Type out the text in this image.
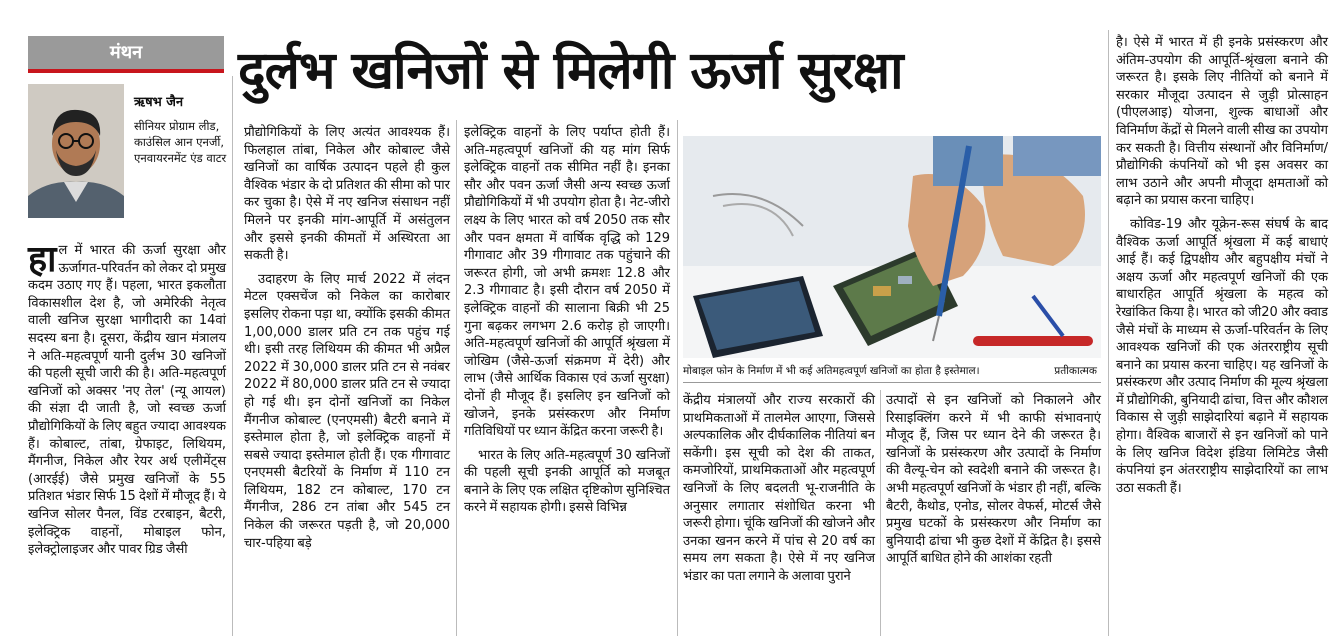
मंथन	दुर्लभ खनिजों से मिलेगी ऊर्जा सुरक्षा
ऋषभ जैन
सीनियर प्रोग्राम लीड, काउंसिल आन एनर्जी, एनवायरनमेंट एंड वाटर

हाल में भारत की ऊर्जा सुरक्षा और ऊर्जागत-परिवर्तन को लेकर दो प्रमुख कदम उठाए गए हैं। पहला, भारत इकलौता विकासशील देश है, जो अमेरिकी नेतृत्व वाली खनिज सुरक्षा भागीदारी का 14वां सदस्य बना है। दूसरा, केंद्रीय खान मंत्रालय ने अति-महत्वपूर्ण यानी दुर्लभ 30 खनिजों की पहली सूची जारी की है। अति-महत्वपूर्ण खनिजों को अक्सर 'नए तेल' (न्यू आयल) की संज्ञा दी जाती है, जो स्वच्छ ऊर्जा प्रौद्योगिकियों के लिए बहुत ज्यादा आवश्यक हैं। कोबाल्ट, तांबा, ग्रेफाइट, लिथियम, मैंगनीज, निकेल और रेयर अर्थ एलीमेंट्स (आरईई) जैसे प्रमुख खनिजों के 55 प्रतिशत भंडार सिर्फ 15 देशों में मौजूद हैं। ये खनिज सोलर पैनल, विंड टरबाइन, बैटरी, इलेक्ट्रिक वाहनों, मोबाइल फोन, इलेक्ट्रोलाइजर और पावर ग्रिड जैसी

प्रौद्योगिकियों के लिए अत्यंत आवश्यक हैं। फिलहाल तांबा, निकेल और कोबाल्ट जैसे खनिजों का वार्षिक उत्पादन पहले ही कुल वैश्विक भंडार के दो प्रतिशत की सीमा को पार कर चुका है। ऐसे में नए खनिज संसाधन नहीं मिलने पर इनकी मांग-आपूर्ति में असंतुलन और इससे इनकी कीमतों में अस्थिरता आ सकती है।

उदाहरण के लिए मार्च 2022 में लंदन मेटल एक्सचेंज को निकेल का कारोबार इसलिए रोकना पड़ा था, क्योंकि इसकी कीमत 1,00,000 डालर प्रति टन तक पहुंच गई थी। इसी तरह लिथियम की कीमत भी अप्रैल 2022 में 30,000 डालर प्रति टन से नवंबर 2022 में 80,000 डालर प्रति टन से ज्यादा हो गई थी। इन दोनों खनिजों का निकेल मैंगनीज कोबाल्ट (एनएमसी) बैटरी बनाने में इस्तेमाल होता है, जो इलेक्ट्रिक वाहनों में सबसे ज्यादा इस्तेमाल होती हैं। एक गीगावाट एनएमसी बैटरियों के निर्माण में 110 टन लिथियम, 182 टन कोबाल्ट, 170 टन मैंगनीज, 286 टन तांबा और 545 टन निकेल की जरूरत पड़ती है, जो 20,000 चार-पहिया बड़े

इलेक्ट्रिक वाहनों के लिए पर्याप्त होती हैं। अति-महत्वपूर्ण खनिजों की यह मांग सिर्फ इलेक्ट्रिक वाहनों तक सीमित नहीं है। इनका सौर और पवन ऊर्जा जैसी अन्य स्वच्छ ऊर्जा प्रौद्योगिकियों में भी उपयोग होता है। नेट-जीरो लक्ष्य के लिए भारत को वर्ष 2050 तक सौर और पवन क्षमता में वार्षिक वृद्धि को 129 गीगावाट और 39 गीगावाट तक पहुंचाने की जरूरत होगी, जो अभी क्रमशः 12.8 और 2.3 गीगावाट है। इसी दौरान वर्ष 2050 में इलेक्ट्रिक वाहनों की सालाना बिक्री भी 25 गुना बढ़कर लगभग 2.6 करोड़ हो जाएगी। अति-महत्वपूर्ण खनिजों की आपूर्ति श्रृंखला में जोखिम (जैसे-ऊर्जा संक्रमण में देरी) और लाभ (जैसे आर्थिक विकास एवं ऊर्जा सुरक्षा) दोनों ही मौजूद हैं। इसलिए इन खनिजों को खोजने, इनके प्रसंस्करण और निर्माण गतिविधियों पर ध्यान केंद्रित करना जरूरी है।

भारत के लिए अति-महत्वपूर्ण 30 खनिजों की पहली सूची इनकी आपूर्ति को मजबूत बनाने के लिए एक लक्षित दृष्टिकोण सुनिश्चित करने में सहायक होगी। इससे विभिन्न

मोबाइल फोन के निर्माण में भी कई अतिमहत्वपूर्ण खनिजों का होता है इस्तेमाल।	प्रतीकात्मक

केंद्रीय मंत्रालयों और राज्य सरकारों की प्राथमिकताओं में तालमेल आएगा, जिससे अल्पकालिक और दीर्घकालिक नीतियां बन सकेंगी। इस सूची को देश की ताकत, कमजोरियों, प्राथमिकताओं और महत्वपूर्ण खनिजों के लिए बदलती भू-राजनीति के अनुसार लगातार संशोधित करना भी जरूरी होगा। चूंकि खनिजों की खोजने और उनका खनन करने में पांच से 20 वर्ष का समय लग सकता है। ऐसे में नए खनिज भंडार का पता लगाने के अलावा पुराने

उत्पादों से इन खनिजों को निकालने और रिसाइक्लिंग करने में भी काफी संभावनाएं मौजूद हैं, जिस पर ध्यान देने की जरूरत है। खनिजों के प्रसंस्करण और उत्पादों के निर्माण की वैल्यू-चेन को स्वदेशी बनाने की जरूरत है। अभी महत्वपूर्ण खनिजों के भंडार ही नहीं, बल्कि बैटरी, कैथोड, एनोड, सोलर वेफर्स, मोटर्स जैसे प्रमुख घटकों के प्रसंस्करण और निर्माण का बुनियादी ढांचा भी कुछ देशों में केंद्रित है। इससे आपूर्ति बाधित होने की आशंका रहती

है। ऐसे में भारत में ही इनके प्रसंस्करण और अंतिम-उपयोग की आपूर्ति-श्रृंखला बनाने की जरूरत है। इसके लिए नीतियों को बनाने में सरकार मौजूदा उत्पादन से जुड़ी प्रोत्साहन (पीएलआइ) योजना, शुल्क बाधाओं और विनिर्माण केंद्रों से मिलने वाली सीख का उपयोग कर सकती है। वित्तीय संस्थानों और विनिर्माण/प्रौद्योगिकी कंपनियों को भी इस अवसर का लाभ उठाने और अपनी मौजूदा क्षमताओं को बढ़ाने का प्रयास करना चाहिए।

कोविड-19 और यूक्रेन-रूस संघर्ष के बाद वैश्विक ऊर्जा आपूर्ति श्रृंखला में कई बाधाएं आई हैं। कई द्विपक्षीय और बहुपक्षीय मंचों ने अक्षय ऊर्जा और महत्वपूर्ण खनिजों की एक बाधारहित आपूर्ति श्रृंखला के महत्व को रेखांकित किया है। भारत को जी20 और क्वाड जैसे मंचों के माध्यम से ऊर्जा-परिवर्तन के लिए आवश्यक खनिजों की एक अंतरराष्ट्रीय सूची बनाने का प्रयास करना चाहिए। यह खनिजों के प्रसंस्करण और उत्पाद निर्माण की मूल्य श्रृंखला में प्रौद्योगिकी, बुनियादी ढांचा, वित्त और कौशल विकास से जुड़ी साझेदारियां बढ़ाने में सहायक होगा। वैश्विक बाजारों से इन खनिजों को पाने के लिए खनिज विदेश इंडिया लिमिटेड जैसी कंपनियां इन अंतरराष्ट्रीय साझेदारियों का लाभ उठा सकती हैं।
